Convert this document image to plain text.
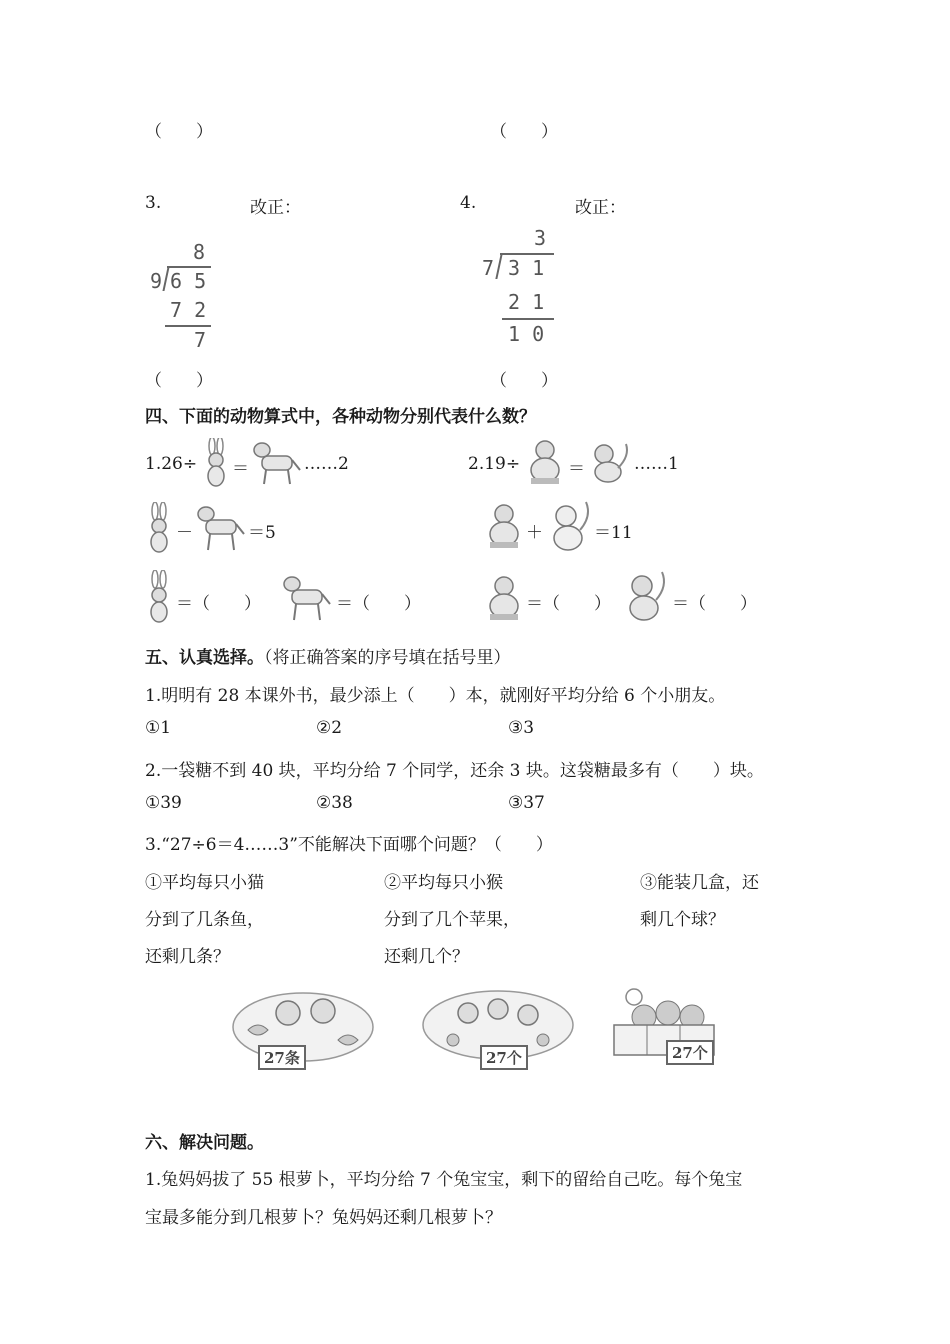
（　　）	（　　）
3.	改正：
8
9 6 5
7 2
7
（　　）
4.	改正：
3
7 3 1
2 1
1 0
（　　）
四、下面的动物算式中，各种动物分别代表什么数？
1.26÷ ＝	……2	2.19÷	＝	……1
－	＝5	＋	＝11
＝（　　）	＝（　　）	＝（　　）	＝（　　）
五、认真选择。（将正确答案的序号填在括号里）
1.明明有 28 本课外书，最少添上（　　）本，就刚好平均分给 6 个小朋友。
①1	②2	③3
2.一袋糖不到 40 块，平均分给 7 个同学，还余 3 块。这袋糖最多有（　　）块。
①39	②38	③37
3.“27÷6＝4……3”不能解决下面哪个问题？（　　）
①平均每只小猫
分到了几条鱼，
还剩几条？
②平均每只小猴
分到了几个苹果，
还剩几个？
③能装几盒，还
剩几个球？
27条	27个	27个
六、解决问题。
1.兔妈妈拔了 55 根萝卜，平均分给 7 个兔宝宝，剩下的留给自己吃。每个兔宝
宝最多能分到几根萝卜？兔妈妈还剩几根萝卜？
